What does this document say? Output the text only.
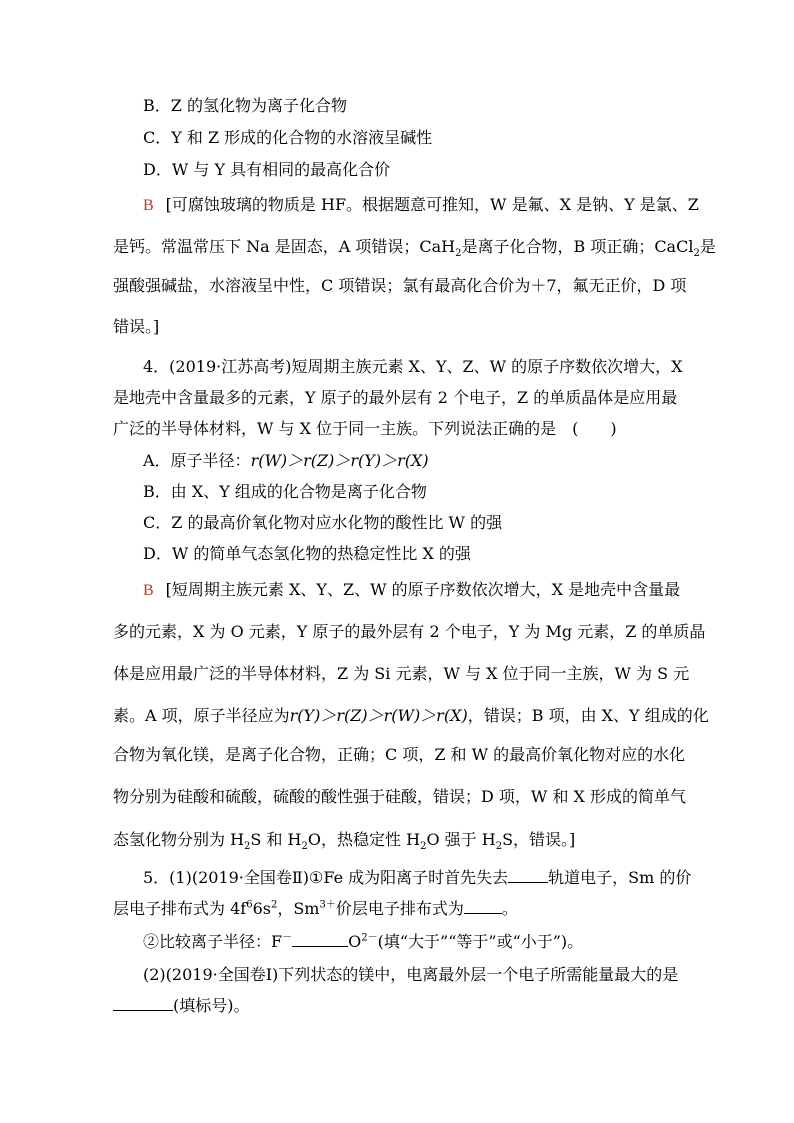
B．Z 的氢化物为离子化合物
C．Y 和 Z 形成的化合物的水溶液呈碱性
D．W 与 Y 具有相同的最高化合价
B [可腐蚀玻璃的物质是 HF。根据题意可推知，W 是氟、X 是钠、Y 是氯、Z
是钙。常温常压下 Na 是固态，A 项错误；CaH$_2$是离子化合物，B 项正确；CaCl$_2$是
强酸强碱盐，水溶液呈中性，C 项错误；氯有最高化合价为＋7，氟无正价，D 项
错误。]
4．(2019·江苏高考)短周期主族元素 X、Y、Z、W 的原子序数依次增大，X
是地壳中含量最多的元素，Y 原子的最外层有 2 个电子，Z 的单质晶体是应用最
广泛的半导体材料，W 与 X 位于同一主族。下列说法正确的是　(　　)
A．原子半径：r(W)＞r(Z)＞r(Y)＞r(X)
B．由 X、Y 组成的化合物是离子化合物
C．Z 的最高价氧化物对应水化物的酸性比 W 的强
D．W 的简单气态氢化物的热稳定性比 X 的强
B [短周期主族元素 X、Y、Z、W 的原子序数依次增大，X 是地壳中含量最
多的元素，X 为 O 元素，Y 原子的最外层有 2 个电子，Y 为 Mg 元素，Z 的单质晶
体是应用最广泛的半导体材料，Z 为 Si 元素，W 与 X 位于同一主族，W 为 S 元
素。A 项，原子半径应为r(Y)＞r(Z)＞r(W)＞r(X)，错误；B 项，由 X、Y 组成的化
合物为氧化镁，是离子化合物，正确；C 项，Z 和 W 的最高价氧化物对应的水化
物分别为硅酸和硫酸，硫酸的酸性强于硅酸，错误；D 项，W 和 X 形成的简单气
态氢化物分别为 $H_2S$ 和 $H_2O$，热稳定性 $H_2O$ 强于 $H_2S$，错误。]
5．(1)(2019·全国卷Ⅱ)①Fe 成为阳离子时首先失去	轨道电子，Sm 的价
层电子排布式为 $4f^66s^2$，$Sm^{3+}$价层电子排布式为 。
②比较离子半径：F－	$O^{2-}$(填“大于”“等于”或“小于”)。
(2)(2019·全国卷Ⅰ)下列状态的镁中，电离最外层一个电子所需能量最大的是
(填标号)。
